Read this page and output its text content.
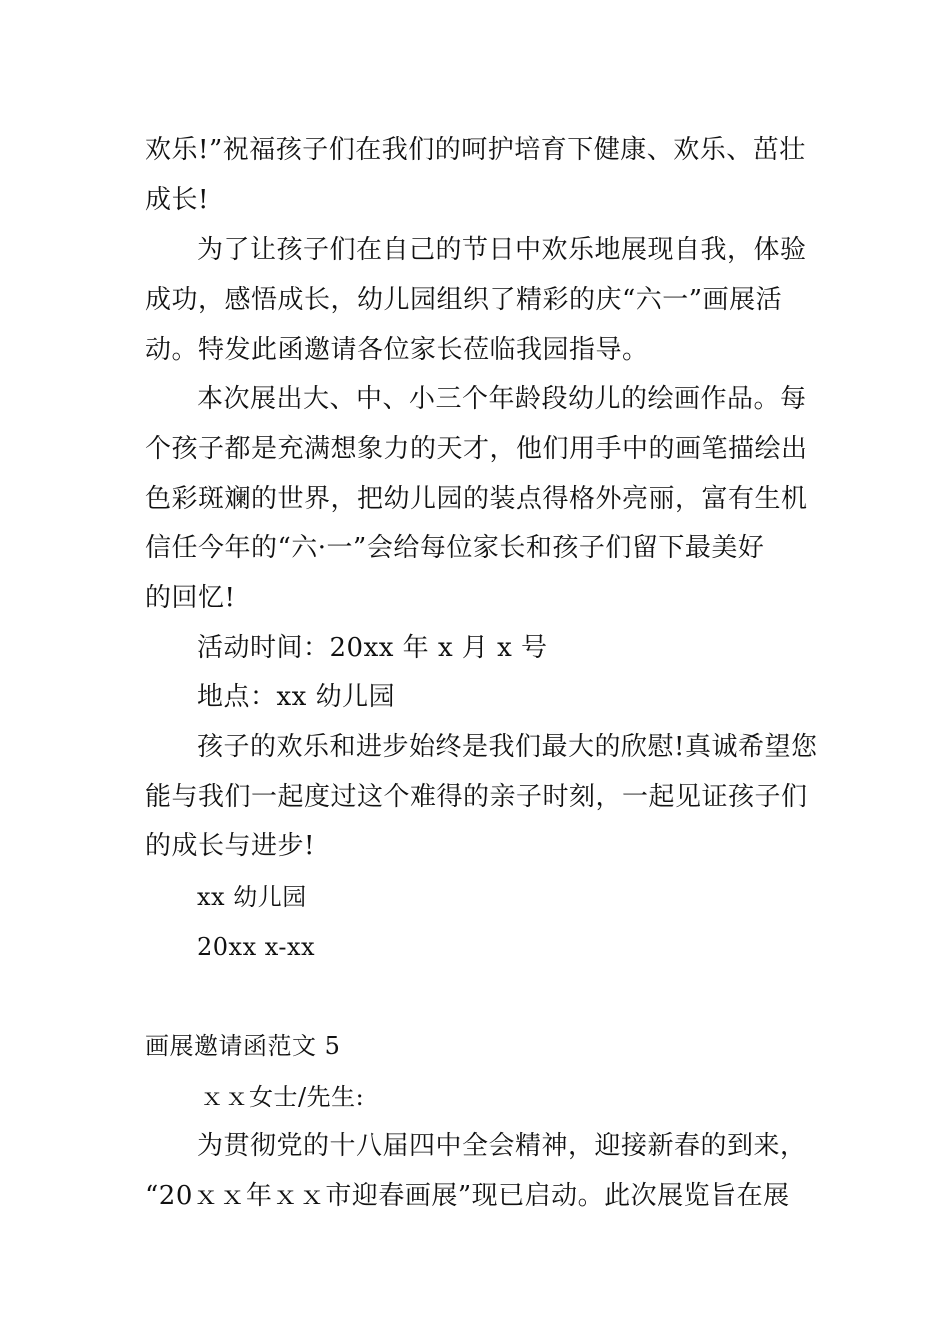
欢乐!”祝福孩子们在我们的呵护培育下健康、欢乐、茁壮
成长!
为了让孩子们在自己的节日中欢乐地展现自我，体验
成功，感悟成长，幼儿园组织了精彩的庆“六一”画展活
动。特发此函邀请各位家长莅临我园指导。
本次展出大、中、小三个年龄段幼儿的绘画作品。每
个孩子都是充满想象力的天才，他们用手中的画笔描绘出
色彩斑斓的世界，把幼儿园的装点得格外亮丽，富有生机
信任今年的“六·一”会给每位家长和孩子们留下最美好
的回忆!
活动时间：20xx 年 x 月 x 号
地点：xx 幼儿园
孩子的欢乐和进步始终是我们最大的欣慰!真诚希望您
能与我们一起度过这个难得的亲子时刻，一起见证孩子们
的成长与进步!
xx 幼儿园
20xx x-xx
画展邀请函范文 5
ｘｘ女士/先生:
为贯彻党的十八届四中全会精神，迎接新春的到来，
“20ｘｘ年ｘｘ市迎春画展”现已启动。此次展览旨在展
